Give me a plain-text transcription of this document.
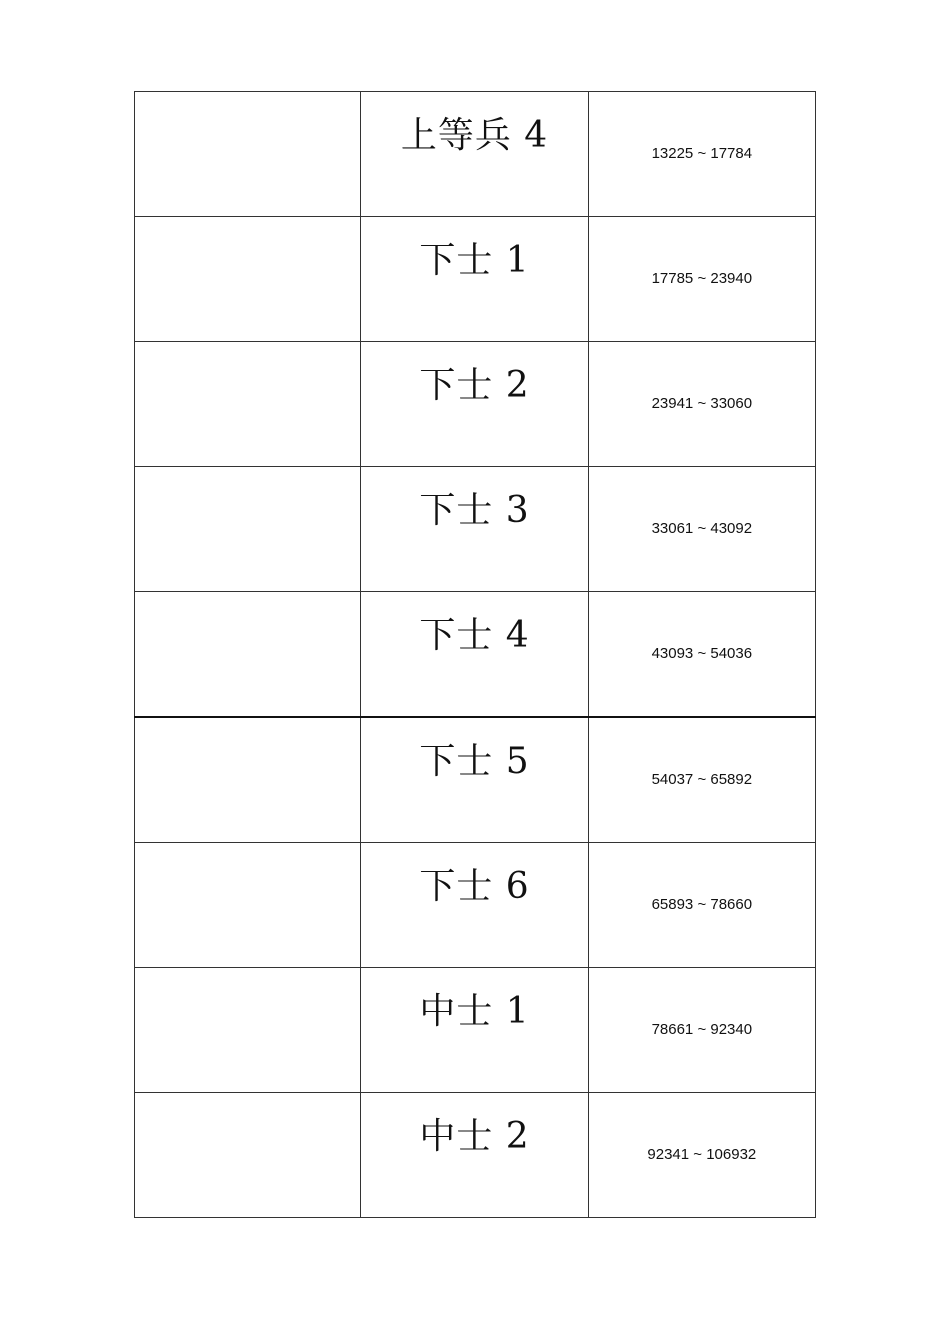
	上等兵 4	13225 ~ 17784

	下士 1	17785 ~ 23940

	下士 2	23941 ~ 33060

	下士 3	33061 ~ 43092

	下士 4	43093 ~ 54036

	下士 5	54037 ~ 65892

	下士 6	65893 ~ 78660

	中士 1	78661 ~ 92340

	中士 2	92341 ~ 106932
